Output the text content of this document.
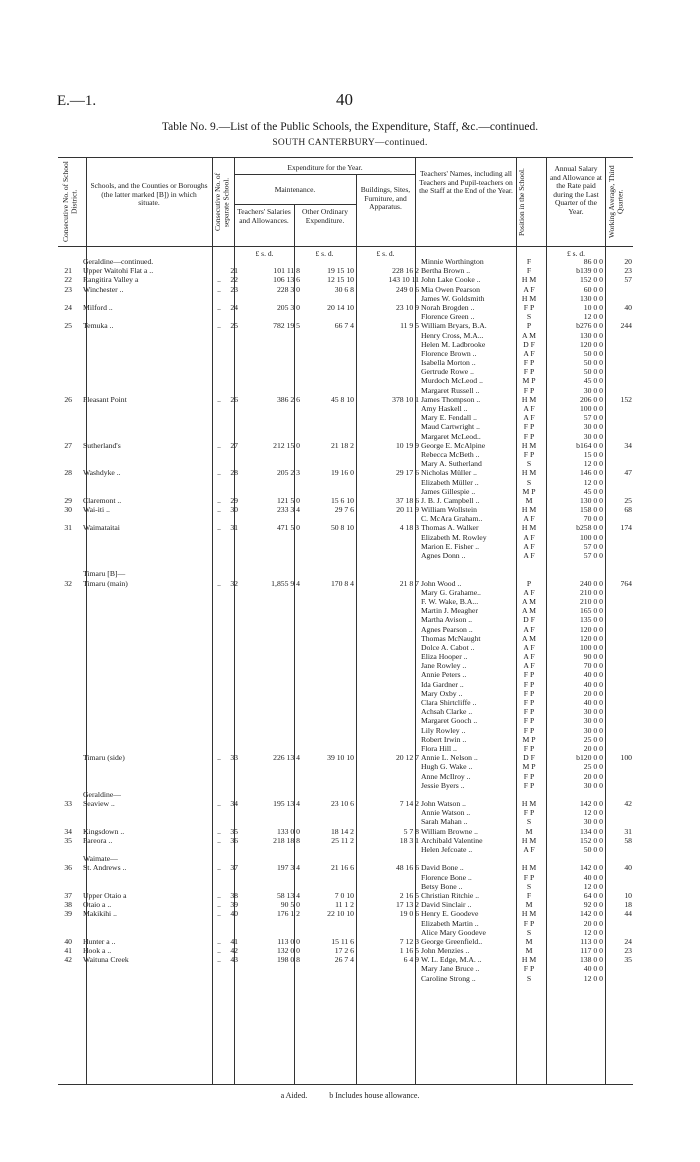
E.—1.	40
Table No. 9.—List of the Public Schools, the Expenditure, Staff, &c.—continued.
SOUTH CANTERBURY—continued.
Consecutive No. of School District.
Schools, and the Counties or Boroughs (the latter marked [B]) in which situate.	Consecutive No. of separate School.
Expenditure for the Year.
Maintenance.
Teachers' Salaries and Allowances.
Other Ordinary Expenditure.
Buildings, Sites, Furniture, and Apparatus.
Teachers' Names, including all Teachers and Pupil-teachers on the Staff at the End of the Year. Position in the School.	Annual Salary and Allowance at the Rate paid during the Last Quarter of the Year.	Working Average, Third Quarter.
£ s. d.	£ s. d.	£ s. d.	£ s. d.
Geraldine—continued.	Minnie Worthington	F	86 0 0	20
21 Upper Waitohi Flat a ..	21	101 11 8	19 15 10	228 16 2 Bertha Brown ..	F	b139 0 0	23
22 Rangitira Valley a	..	22	106 13 6	12 15 10	143 10 11 John Lake Cooke ..	H M	152 0 0	57
23 Winchester ..	..	23	228 3 0	30 6 8	249 0 6 Mia Owen Pearson	A F	60 0 0
James W. Goldsmith	H M	130 0 0
24 Milford ..	..	24	205 3 0	20 14 10	23 10 9 Norah Brogden ..	F P	10 0 0	40
Florence Green ..	S	12 0 0
25 Temuka ..	..	25	782 19 5	66 7 4	11 9 5 William Bryars, B.A.	P	b276 0 0	244
Henry Cross, M.A...	A M	130 0 0
Helen M. Ladbrooke	D F	120 0 0
Florence Brown ..	A F	50 0 0
Isabella Morton ..	F P	50 0 0
Gertrude Rowe ..	F P	50 0 0
Murdoch McLeod ..	M P	45 0 0
Margaret Russell ..	F P	30 0 0
26 Pleasant Point	..	26	386 2 6	45 8 10	378 10 1 James Thompson ..	H M	206 0 0	152
Amy Haskell ..	A F	100 0 0
Mary E. Fendall ..	A F	57 0 0
Maud Cartwright ..	F P	30 0 0
Margaret McLeod..	F P	30 0 0
27 Sutherland's	..	27	212 15 0	21 18 2	10 19 9 George E. McAlpine	H M	b164 0 0	34
Rebecca McBeth ..	F P	15 0 0
Mary A. Sutherland	S	12 0 0
28 Washdyke ..	..	28	205 2 3	19 16 0	29 17 6 Nicholas Müller ..	H M	146 0 0	47
Elizabeth Müller ..	S	12 0 0
James Gillespie ..	M P	45 0 0
29 Claremont ..	..	29	121 5 0	15 6 10	37 18 6 J. B. J. Campbell ..	M	130 0 0	25
30 Wai-iti ..	..	30	233 3 4	29 7 6	20 11 9 William Wollstein	H M	158 0 0	68
C. McAra Graham..	A F	70 0 0
31 Waimataitai	..	31	471 5 0	50 8 10	4 18 3 Thomas A. Walker	H M	b258 0 0	174
Elizabeth M. Rowley	A F	100 0 0
Marion E. Fisher ..	A F	57 0 0
Agnes Donn ..	A F	57 0 0
Timaru [B]—
32 Timaru (main)	..	32	1,855 9 4	170 8 4	21 8 7 John Wood ..	P	240 0 0	764
Mary G. Grahame..	A F	210 0 0
F. W. Wake, B.A...	A M	210 0 0
Martin J. Meagher	A M	165 0 0
Martha Avison ..	D F	135 0 0
Agnes Pearson ..	A F	120 0 0
Thomas McNaught	A M	120 0 0
Dolce A. Cabot ..	A F	100 0 0
Eliza Hooper ..	A F	90 0 0
Jane Rowley ..	A F	70 0 0
Annie Peters ..	F P	40 0 0
Ida Gardner ..	F P	40 0 0
Mary Oxby ..	F P	20 0 0
Clara Shirtcliffe ..	F P	40 0 0
Achsah Clarke ..	F P	30 0 0
Margaret Gooch ..	F P	30 0 0
Lily Rowley ..	F P	30 0 0
Robert Irwin ..	M P	25 0 0
Flora Hill ..	F P	20 0 0
Timaru (side)	..	33	226 13 4	39 10 10	20 12 7 Annie L. Nelson ..	D F	b120 0 0	100
Hugh G. Wake ..	M P	25 0 0
Anne McIlroy ..	F P	20 0 0
Jessie Byers ..	F P	30 0 0
Geraldine—
33 Seaview ..	..	34	195 13 4	23 10 6	7 14 2 John Watson ..	H M	142 0 0	42
Annie Watson ..	F P	12 0 0
Sarah Mahan ..	S	30 0 0
34 Kingsdown ..	..	35	133 0 0	18 14 2	5 7 8 William Browne ..	M	134 0 0	31
35 Pareora ..	..	36	218 18 8	25 11 2	18 3 1 Archibald Valentine	H M	152 0 0	58
Helen Jefcoate ..	A F	50 0 0
Waimate—
36 St. Andrews ..	..	37	197 3 4	21 16 6	48 16 6 David Bone ..	H M	142 0 0	40
Florence Bone ..	F P	40 0 0
Betsy Bone ..	S	12 0 0
37 Upper Otaio a	..	38	58 13 4	7 0 10	2 16 5 Christian Ritchie ..	F	64 0 0	10
38 Otaio a ..	..	39	90 5 0	11 1 2	17 13 2 David Sinclair ..	M	92 0 0	18
39 Makikihi ..	..	40	176 1 2	22 10 10	19 0 6 Henry E. Goodeve	H M	142 0 0	44
Elizabeth Martin ..	F P	20 0 0
Alice Mary Goodeve	S	12 0 0
40 Hunter a ..	..	41	113 0 0	15 11 6	7 12 3 George Greenfield..	M	113 0 0	24
41 Hook a ..	..	42	132 0 0	17 2 6	1 16 5 John Menzies ..	M	117 0 0	23
42 Waituna Creek	..	43	198 0 8	26 7 4	6 4 9 W. L. Edge, M.A. ..	H M	138 0 0	35
Mary Jane Bruce ..	F P	40 0 0
Caroline Strong ..	S	12 0 0
a Aided.	b Includes house allowance.
